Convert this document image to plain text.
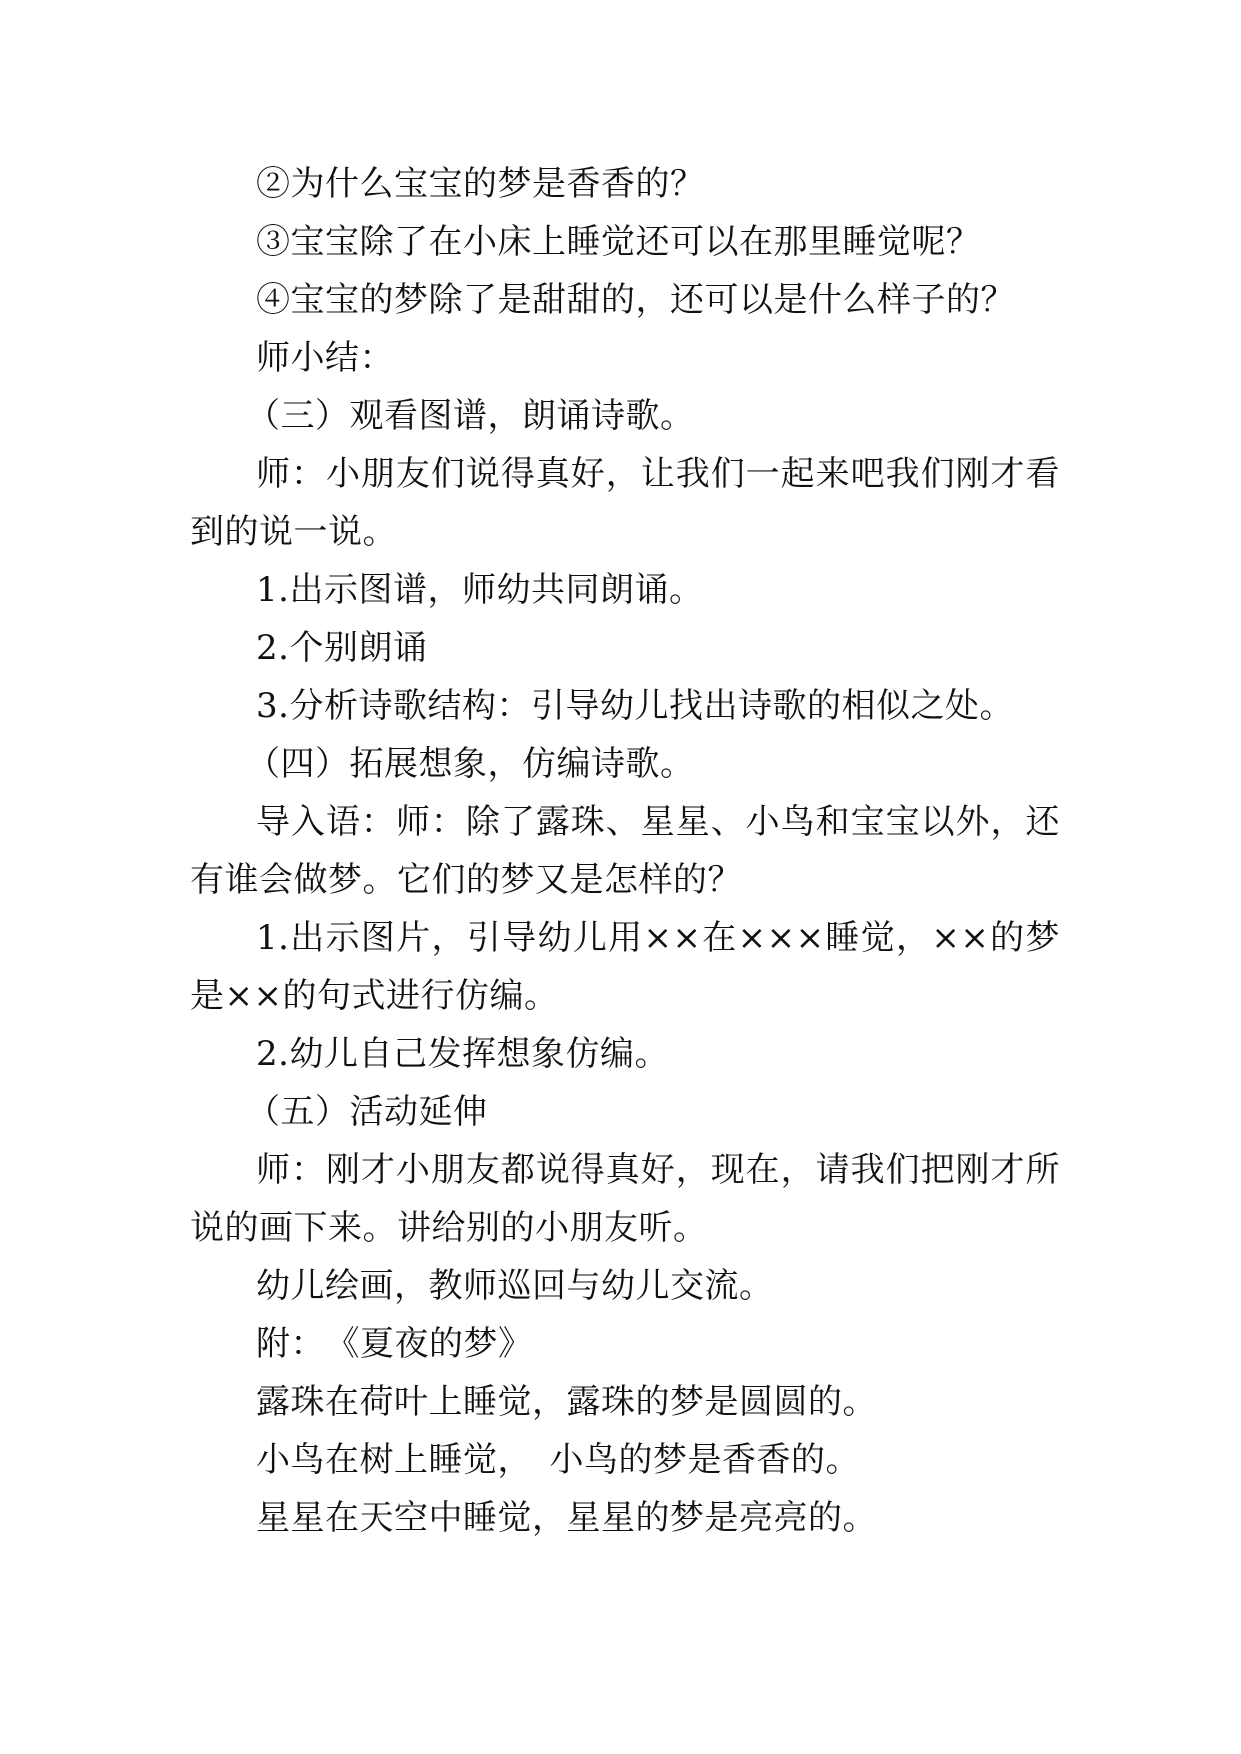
②为什么宝宝的梦是香香的？

③宝宝除了在小床上睡觉还可以在那里睡觉呢？

④宝宝的梦除了是甜甜的，还可以是什么样子的？

师小结：

（三）观看图谱，朗诵诗歌。

师：小朋友们说得真好，让我们一起来吧我们刚才看到的说一说。

1.出示图谱，师幼共同朗诵。

2.个别朗诵

3.分析诗歌结构：引导幼儿找出诗歌的相似之处。

（四）拓展想象，仿编诗歌。

导入语：师：除了露珠、星星、小鸟和宝宝以外，还有谁会做梦。它们的梦又是怎样的？

1.出示图片，引导幼儿用××在×××睡觉，××的梦是××的句式进行仿编。

2.幼儿自己发挥想象仿编。

（五）活动延伸

师：刚才小朋友都说得真好，现在，请我们把刚才所说的画下来。讲给别的小朋友听。

幼儿绘画，教师巡回与幼儿交流。

附：　《夏夜的梦》

露珠在荷叶上睡觉，露珠的梦是圆圆的。

小鸟在树上睡觉，　小鸟的梦是香香的。

星星在天空中睡觉，星星的梦是亮亮的。
